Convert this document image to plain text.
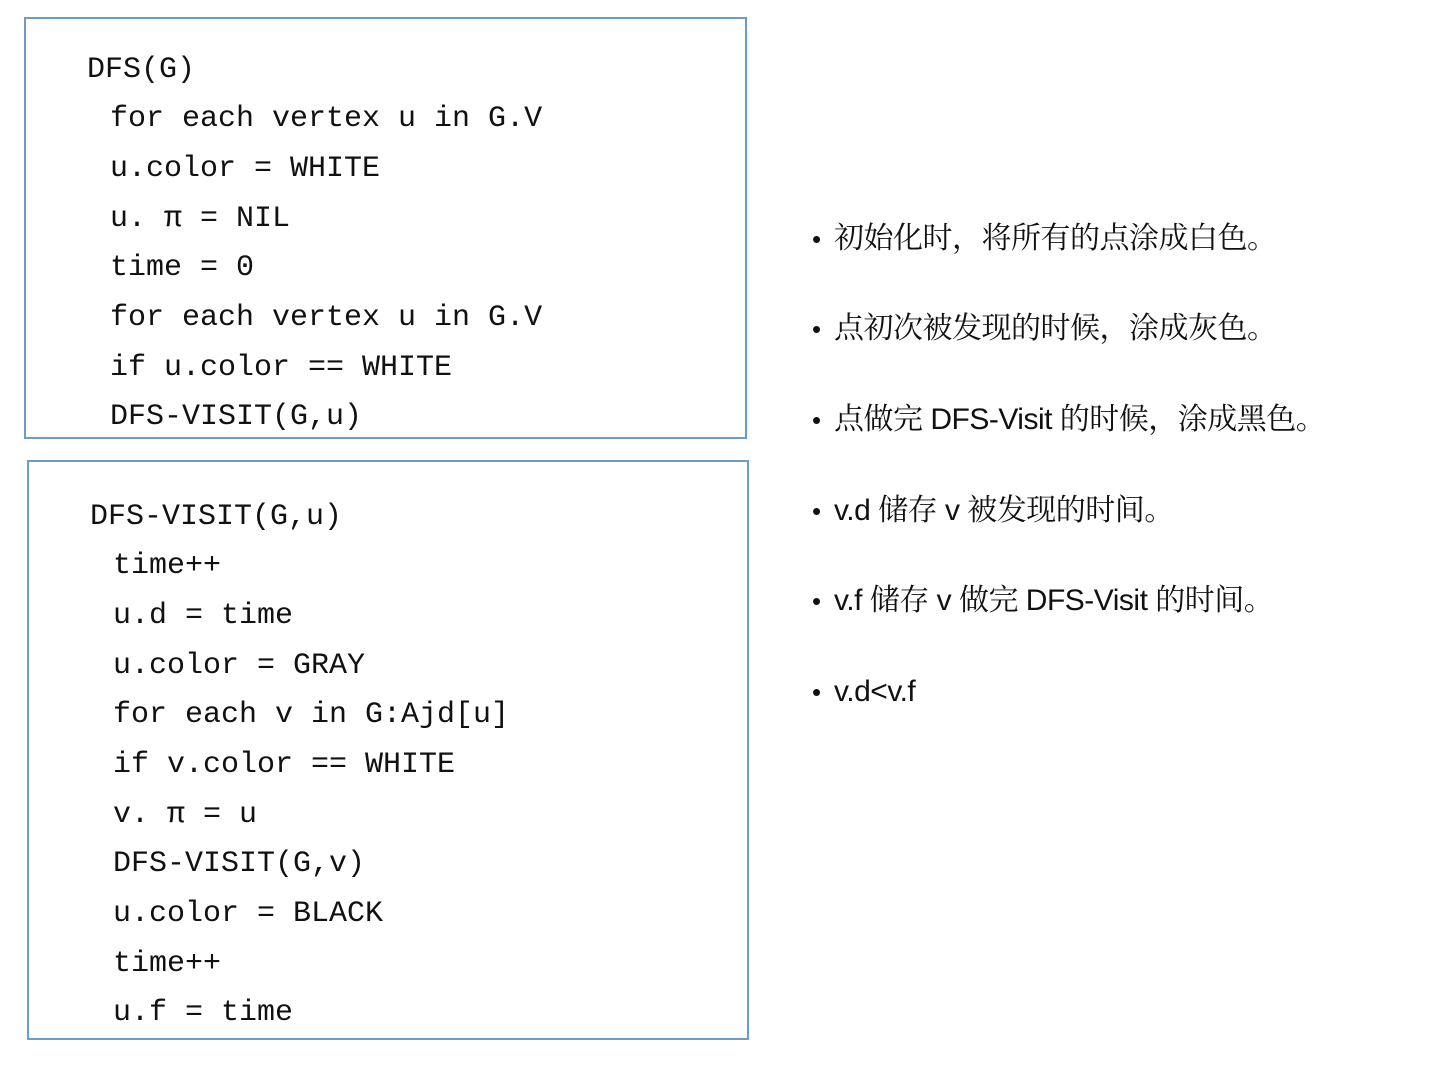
DFS(G)
for each vertex u in G.V
u.color = WHITE
u. π = NIL
time = 0
for each vertex u in G.V
if u.color == WHITE
DFS-VISIT(G,u)
DFS-VISIT(G,u)
time++
u.d = time
u.color = GRAY
for each v in G:Ajd[u]
if v.color == WHITE
v. π = u
DFS-VISIT(G,v)
u.color = BLACK
time++
u.f = time
• 初始化时，将所有的点涂成白色。
• 点初次被发现的时候，涂成灰色。
• 点做完 DFS-Visit 的时候，涂成黑色。
• v.d 储存 v 被发现的时间。
• v.f 储存 v 做完 DFS-Visit 的时间。
• v.d<v.f
